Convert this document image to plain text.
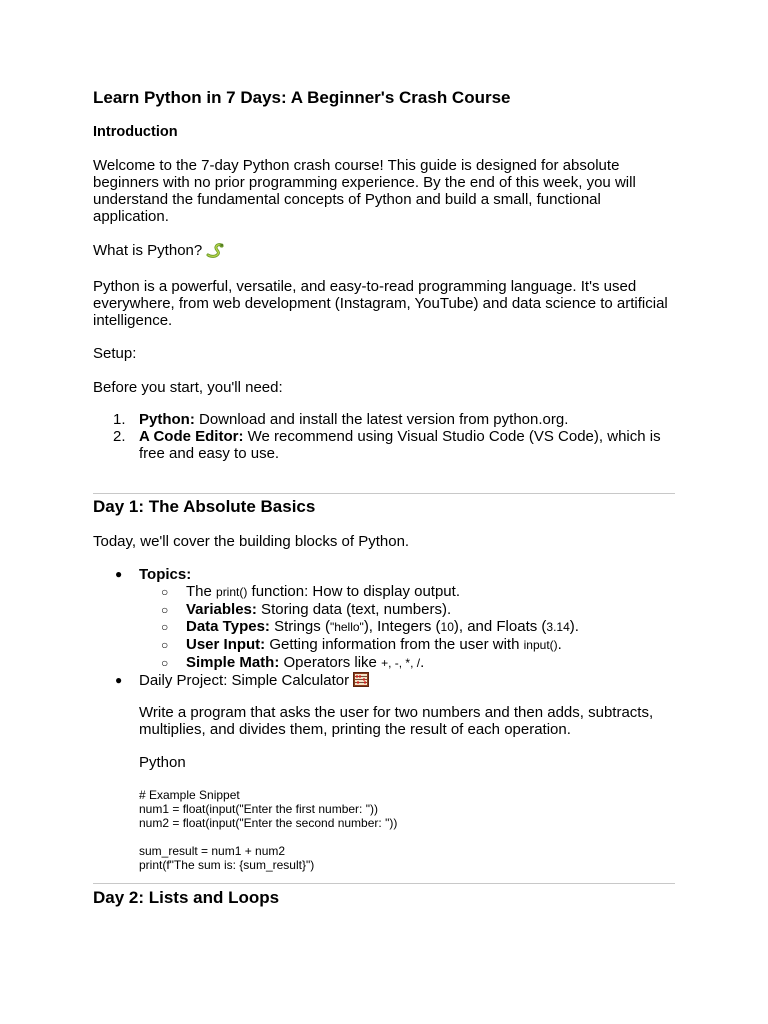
Learn Python in 7 Days: A Beginner's Crash Course
Introduction

Welcome to the 7-day Python crash course! This guide is designed for absolute beginners with no prior programming experience. By the end of this week, you will understand the fundamental concepts of Python and build a small, functional application.

What is Python?

Python is a powerful, versatile, and easy-to-read programming language. It's used everywhere, from web development (Instagram, YouTube) and data science to artificial intelligence.

Setup:

Before you start, you'll need:

1. Python: Download and install the latest version from python.org.
2. A Code Editor: We recommend using Visual Studio Code (VS Code), which is free and easy to use.
Day 1: The Absolute Basics

Today, we'll cover the building blocks of Python.

● Topics:
○ The print() function: How to display output.
○ Variables: Storing data (text, numbers).
○ Data Types: Strings ("hello"), Integers (10), and Floats (3.14).
○ User Input: Getting information from the user with input().
○ Simple Math: Operators like +, -, *, /.
● Daily Project: Simple Calculator

Write a program that asks the user for two numbers and then adds, subtracts, multiplies, and divides them, printing the result of each operation.

Python

# Example Snippet
num1 = float(input("Enter the first number: "))
num2 = float(input("Enter the second number: "))
sum_result = num1 + num2
print(f"The sum is: {sum_result}")
Day 2: Lists and Loops
